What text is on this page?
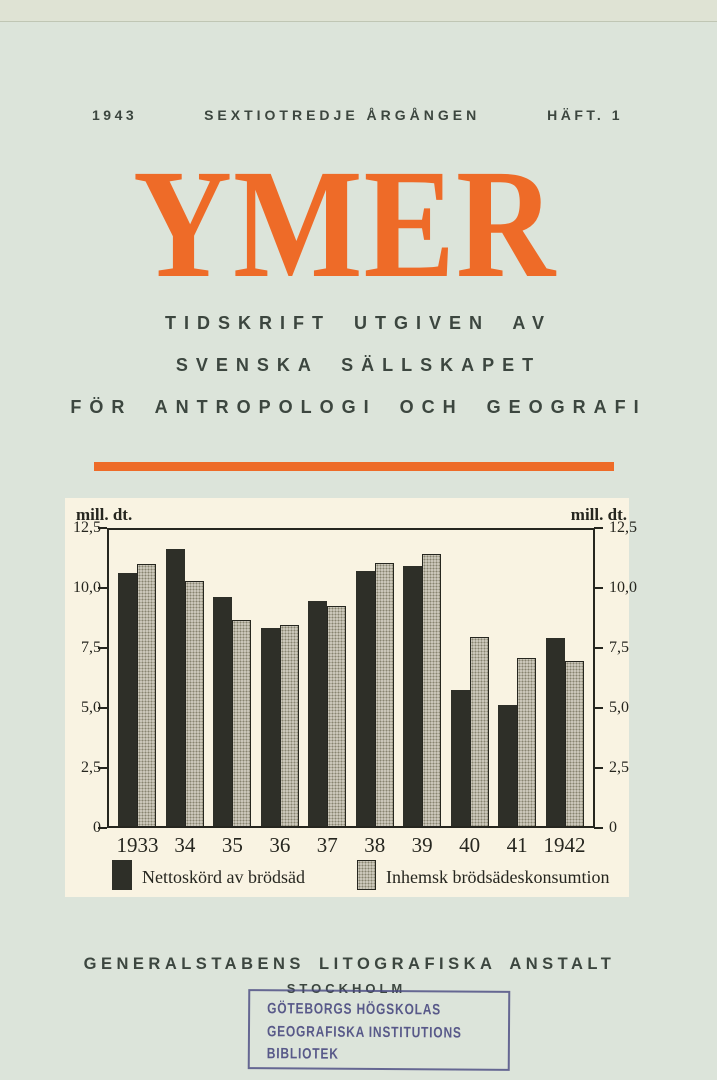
1943	SEXTIOTREDJE ÅRGÅNGEN	HÄFT. 1
YMER
TIDSKRIFT UTGIVEN AV
SVENSKA SÄLLSKAPET
FÖR ANTROPOLOGI OCH GEOGRAFI
mill. dt.	mill. dt.
1933 34 35 36 37 38 39 40 41 1942
Nettoskörd av brödsäd	Inhemsk brödsädeskonsumtion
12,5	12,5
10,0	10,0
7,5	7,5
5,0	5,0
2,5	2,5
0	0
GENERALSTABENS LITOGRAFISKA ANSTALT
STOCKHOLM
GÖTEBORGS HÖGSKOLAS
GEOGRAFISKA INSTITUTIONS
BIBLIOTEK
